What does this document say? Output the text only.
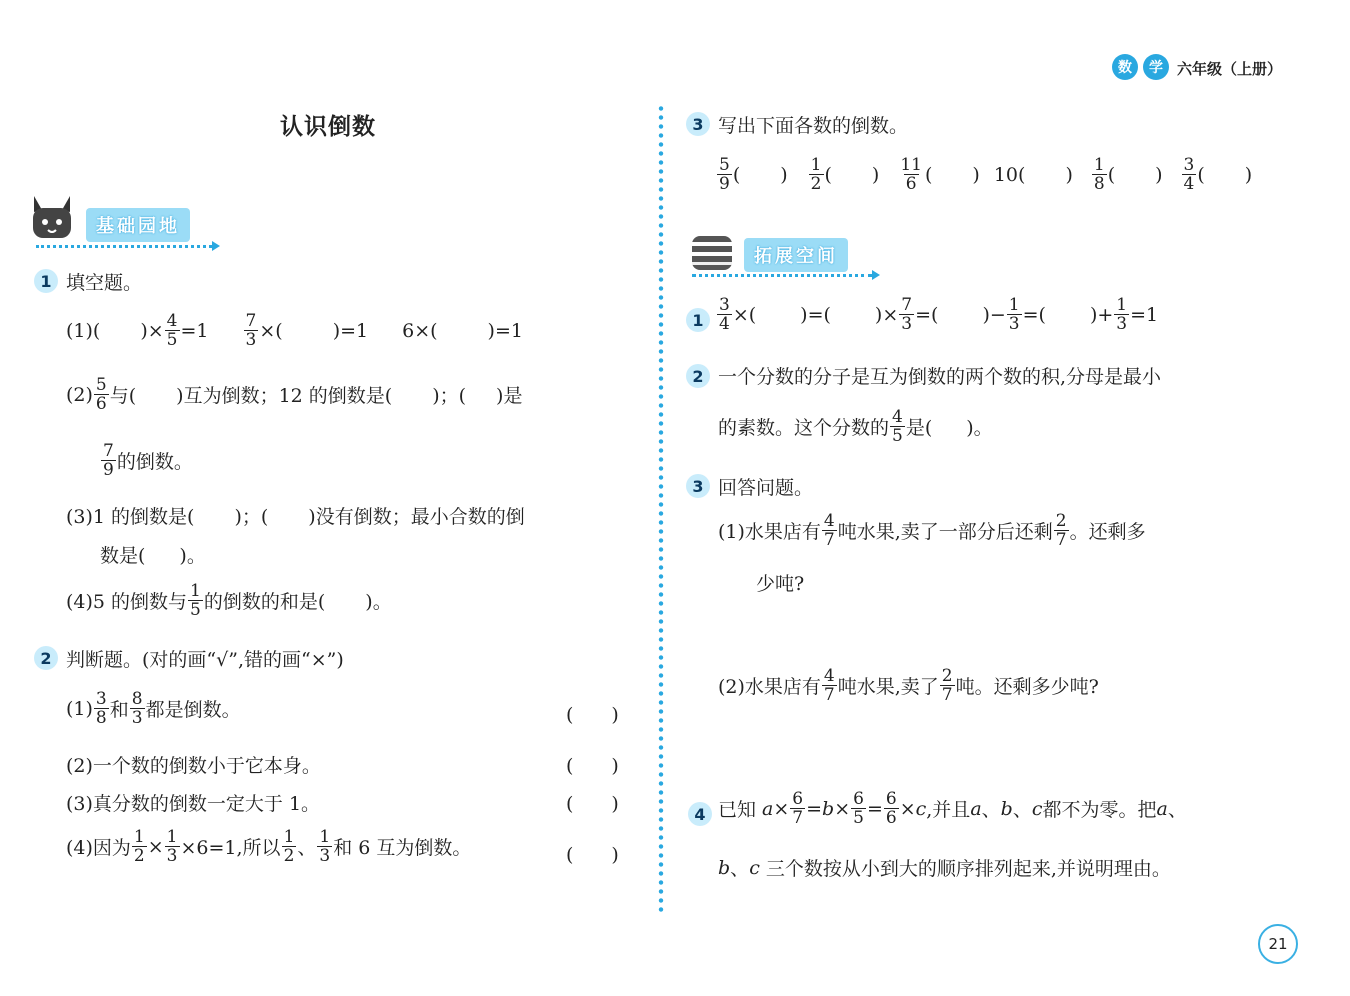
数	学 六年级（上册）
认识倒数
基础园地
1 填空题。
(1)( )× $\frac{4}{5} =1 \frac{7}{3}$ ×(	)=1 6×(	)=1
(2) 5
6 与( )互为倒数；12 的倒数是( )；( )是
7
9 的倒数。
(3)1 的倒数是( )；( )没有倒数；最小合数的倒
数是( )。
(4)5 的倒数与 1
5 的倒数的和是( )。
2 判断题。(对的画“√”,错的画“×”)
(1) 3
8 和 8
3 都是倒数。	(　　)
(2)一个数的倒数小于它本身。	(　　)
(3)真分数的倒数一定大于 1。	(　　)
(4)因为 $\frac{1}{2} \times \frac{1}{3} \times 6=1$,所以 1
2 、 1
3 和 6 互为倒数。	(　　)
3 写出下面各数的倒数。
5
9 ( ) 1
2 ( ) 11
6 ( ) 10 ( ) 1
8 ( ) 3
4 ( )
拓展空间
$1 \frac{3}{4}$ ×( )=( )× $\frac{7}{3}$ =( )− $\frac{1}{3}$ =( )+ $\frac{1}{3} =1$
2 一个分数的分子是互为倒数的两个数的积,分母是最小
的素数。这个分数的 4
5 是( )。
3 回答问题。
(1)水果店有 4
7 吨水果,卖了一部分后还剩 2
7 。还剩多
少吨?
(2)水果店有 4
7 吨水果,卖了 2
7 吨。还剩多少吨?
4 已知 $a \times \frac{6}{7} = b \times \frac{6}{5} = \frac{6}{6} \times c$ ,并且 a 、 b 、 c 都不为零。把 a 、
b 、 c 三个数按从小到大的顺序排列起来,并说明理由。
21
